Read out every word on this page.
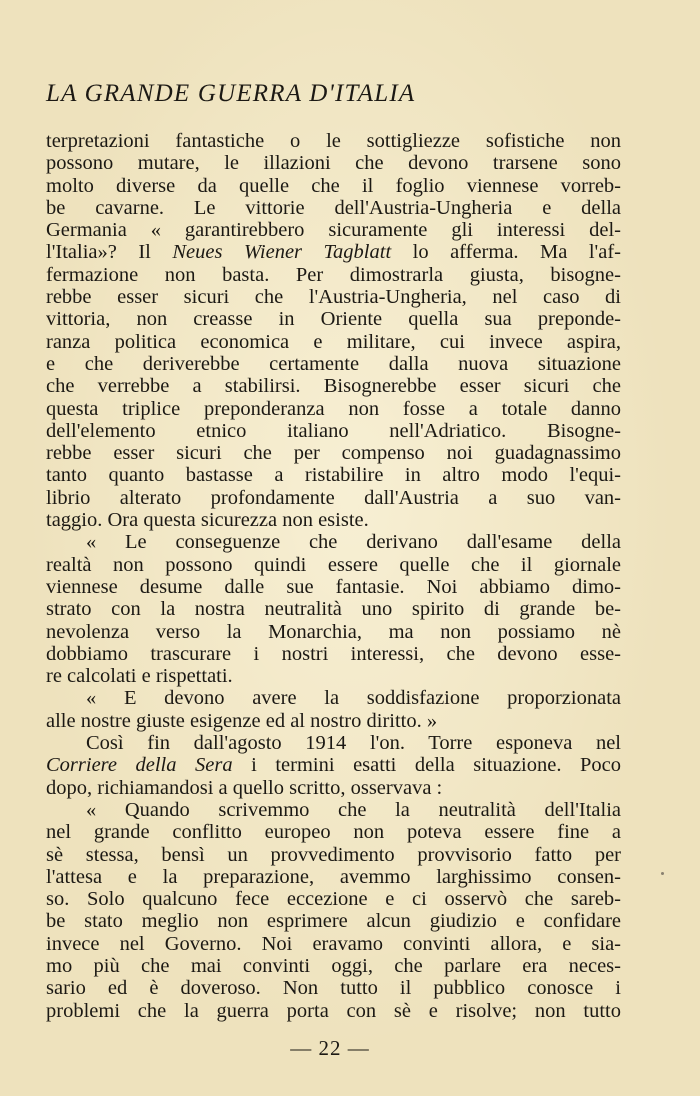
LA GRANDE GUERRA D'ITALIA
terpretazioni fantastiche o le sottigliezze sofistiche non
possono mutare, le illazioni che devono trarsene sono
molto diverse da quelle che il foglio viennese vorreb-
be cavarne. Le vittorie dell'Austria-Ungheria e della
Germania « garantirebbero sicuramente gli interessi del-
l'Italia»? Il Neues Wiener Tagblatt lo afferma. Ma l'af-
fermazione non basta. Per dimostrarla giusta, bisogne-
rebbe esser sicuri che l'Austria-Ungheria, nel caso di
vittoria, non creasse in Oriente quella sua preponde-
ranza politica economica e militare, cui invece aspira,
e che deriverebbe certamente dalla nuova situazione
che verrebbe a stabilirsi. Bisognerebbe esser sicuri che
questa triplice preponderanza non fosse a totale danno
dell'elemento etnico italiano nell'Adriatico. Bisogne-
rebbe esser sicuri che per compenso noi guadagnassimo
tanto quanto bastasse a ristabilire in altro modo l'equi-
librio alterato profondamente dall'Austria a suo van-
taggio. Ora questa sicurezza non esiste.
« Le conseguenze che derivano dall'esame della
realtà non possono quindi essere quelle che il giornale
viennese desume dalle sue fantasie. Noi abbiamo dimo-
strato con la nostra neutralità uno spirito di grande be-
nevolenza verso la Monarchia, ma non possiamo nè
dobbiamo trascurare i nostri interessi, che devono esse-
re calcolati e rispettati.
« E devono avere la soddisfazione proporzionata
alle nostre giuste esigenze ed al nostro diritto. »
Così fin dall'agosto 1914 l'on. Torre esponeva nel
Corriere della Sera i termini esatti della situazione. Poco
dopo, richiamandosi a quello scritto, osservava :
« Quando scrivemmo che la neutralità dell'Italia
nel grande conflitto europeo non poteva essere fine a
sè stessa, bensì un provvedimento provvisorio fatto per
l'attesa e la preparazione, avemmo larghissimo consen-
so. Solo qualcuno fece eccezione e ci osservò che sareb-
be stato meglio non esprimere alcun giudizio e confidare
invece nel Governo. Noi eravamo convinti allora, e sia-
mo più che mai convinti oggi, che parlare era neces-
sario ed è doveroso. Non tutto il pubblico conosce i
problemi che la guerra porta con sè e risolve; non tutto
— 22 —
